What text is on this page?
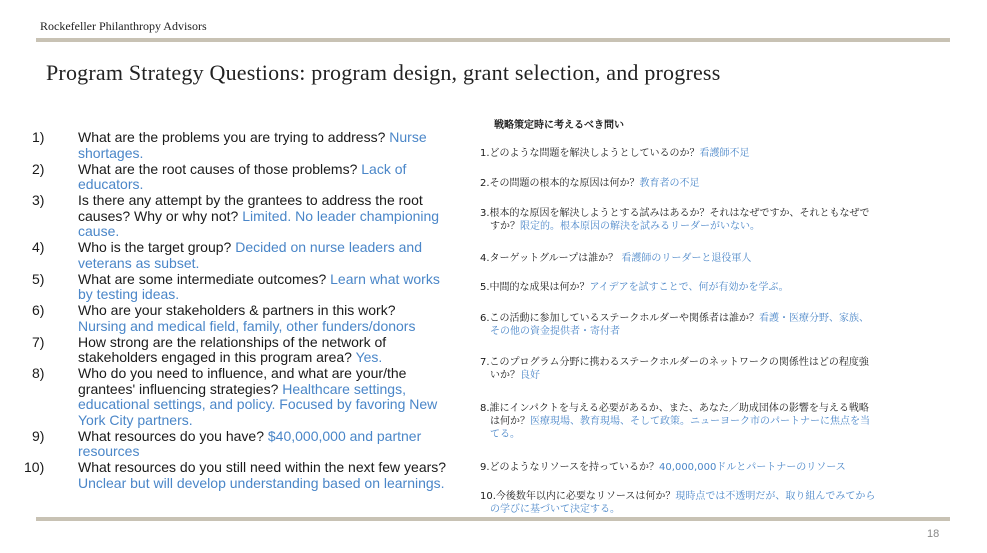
Rockefeller Philanthropy Advisors
Program Strategy Questions: program design, grant selection, and progress
1)	What are the problems you are trying to address? Nurse
shortages.
2)	What are the root causes of those problems? Lack of
educators.
3)	Is there any attempt by the grantees to address the root
causes? Why or why not? Limited. No leader championing
cause.
4)	Who is the target group? Decided on nurse leaders and
veterans as subset.
5)	What are some intermediate outcomes? Learn what works
by testing ideas.
6)	Who are your stakeholders & partners in this work?
Nursing and medical field, family, other funders/donors
7)	How strong are the relationships of the network of
stakeholders engaged in this program area? Yes.
8)	Who do you need to influence, and what are your/the
grantees' influencing strategies? Healthcare settings,
educational settings, and policy. Focused by favoring New
York City partners.
9)	What resources do you have? $40,000,000 and partner
resources
10)	What resources do you still need within the next few years?
Unclear but will develop understanding based on learnings.
戦略策定時に考えるべき問い
1.どのような問題を解決しようとしているのか？看護師不足
2.その問題の根本的な原因は何か？教育者の不足
3.根本的な原因を解決しようとする試みはあるか？それはなぜですか、それともなぜで
すか？限定的。根本原因の解決を試みるリーダーがいない。
4.ターゲットグループは誰か？ 看護師のリーダーと退役軍人
5.中間的な成果は何か？アイデアを試すことで、何が有効かを学ぶ。
6.この活動に参加しているステークホルダーや関係者は誰か？看護・医療分野、家族、
その他の資金提供者・寄付者
7.このプログラム分野に携わるステークホルダーのネットワークの関係性はどの程度強
いか？良好
8.誰にインパクトを与える必要があるか、また、あなた／助成団体の影響を与える戦略
は何か？医療現場、教育現場、そして政策。ニューヨーク市のパートナーに焦点を当
てる。
9.どのようなリソースを持っているか？40,000,000ドルとパートナーのリソース
10.今後数年以内に必要なリソースは何か？現時点では不透明だが、取り組んでみてから
の学びに基づいて決定する。
18
